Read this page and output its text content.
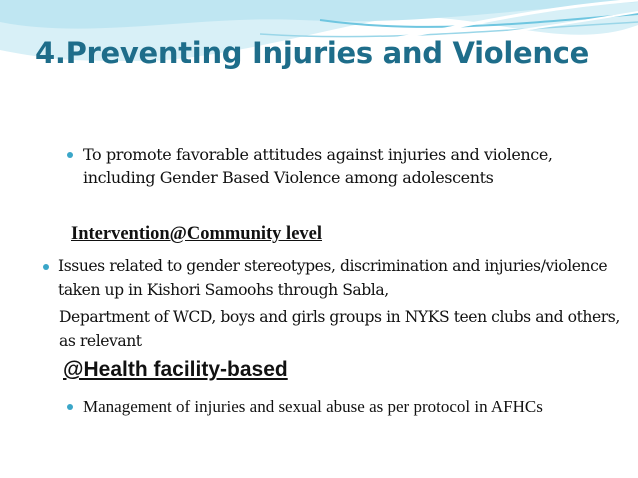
4.Preventing Injuries and Violence
To promote favorable attitudes against injuries and violence, including Gender Based Violence among adolescents
Intervention@Community level
Issues related to gender stereotypes, discrimination and injuries/violence taken up in Kishori Samoohs through Sabla,
Department of WCD, boys and girls groups in NYKS teen clubs and others, as relevant
@Health facility-based
Management of injuries and sexual abuse as per protocol in AFHCs
